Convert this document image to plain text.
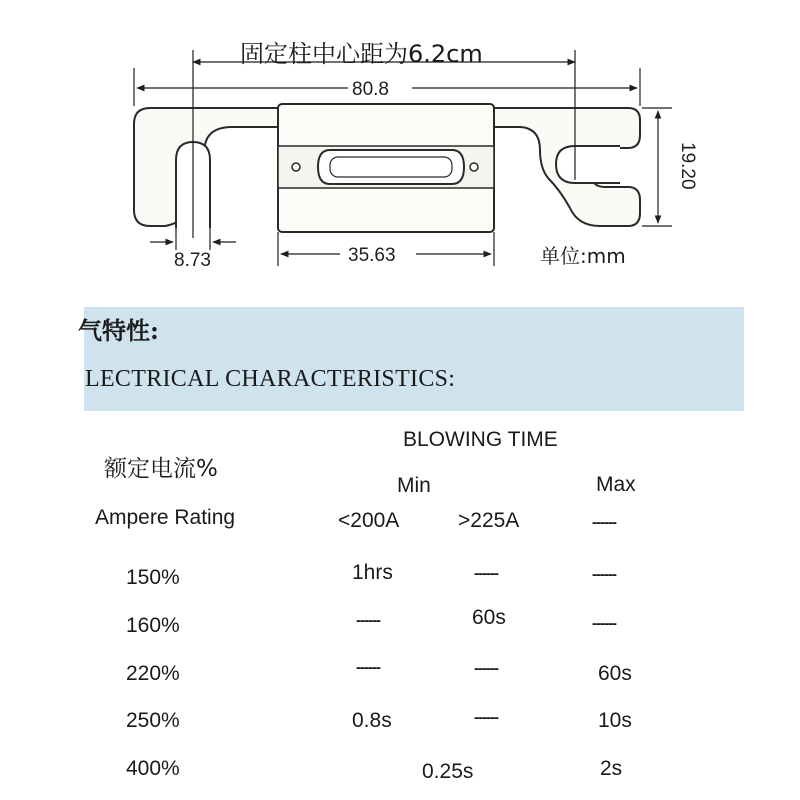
80.8
19.20
8.73	35.63
固定柱中心距为6.2cm
单位:mm
气特性:
LECTRICAL CHARACTERISTICS:
额定电流%
BLOWING TIME
Min	Max
Ampere Rating	<200A	>225A	------
150%	1hrs	------	------
160%	------	60s	------
220%	------	------	60s
250%	0.8s	------	10s
400%	0.25s	2s
